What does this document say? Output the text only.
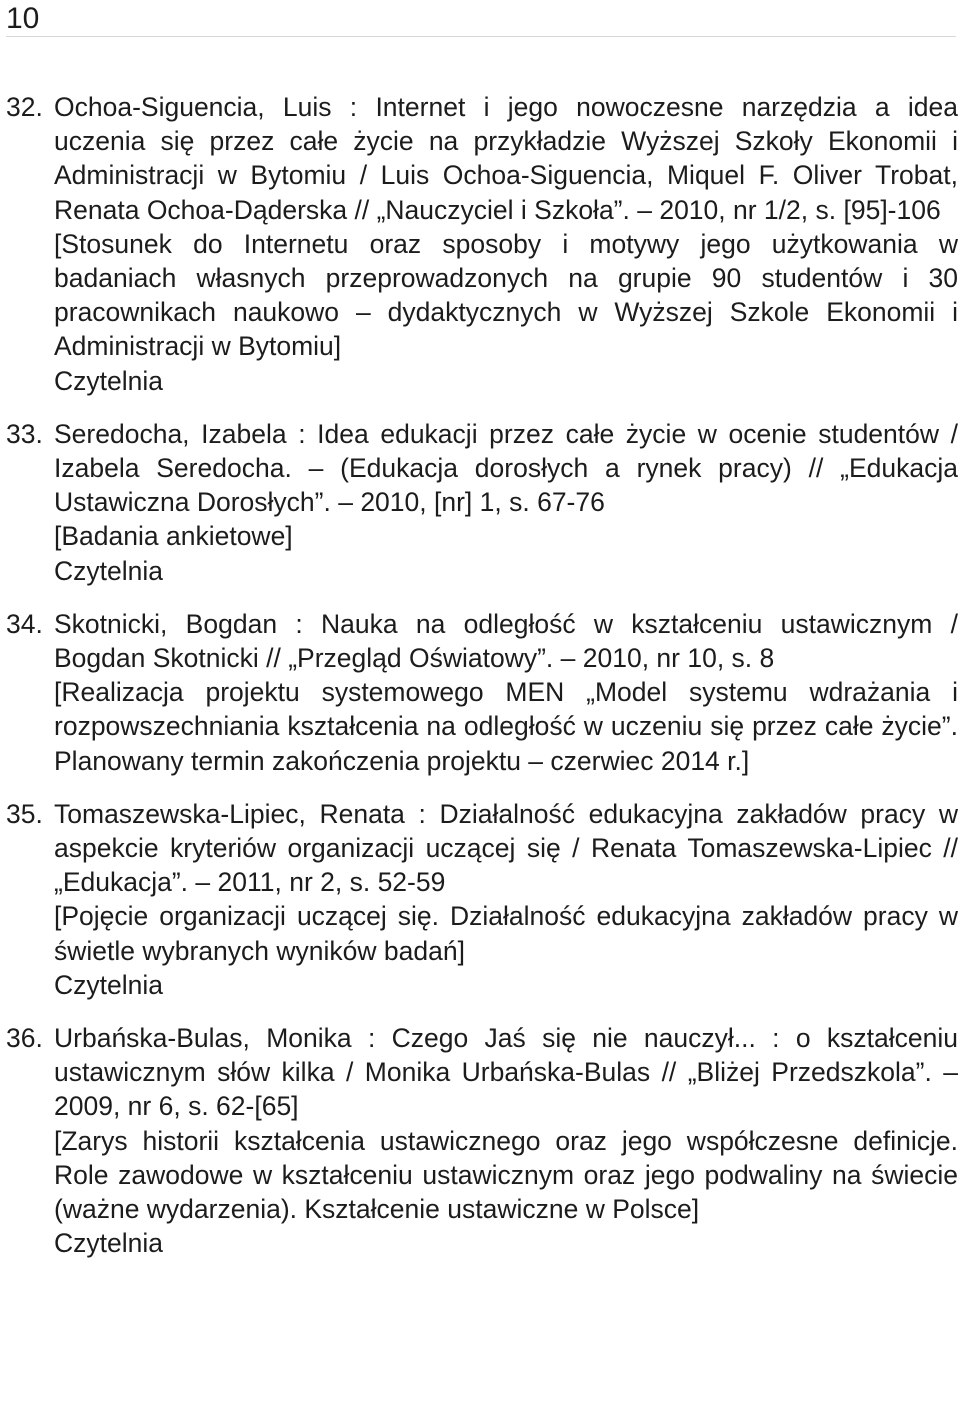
10
32. Ochoa-Siguencia, Luis : Internet i jego nowoczesne narzędzia a idea uczenia się przez całe życie na przykładzie Wyższej Szkoły Ekonomii i Administracji w Bytomiu / Luis Ochoa-Siguencia, Miquel F. Oliver Trobat, Renata Ochoa-Dąderska // „Nauczyciel i Szkoła”. – 2010, nr 1/2, s. [95]-106
[Stosunek do Internetu oraz sposoby i motywy jego użytkowania w badaniach własnych przeprowadzonych na grupie 90 studentów i 30 pracownikach naukowo – dydaktycznych w Wyższej Szkole Ekonomii i Administracji w Bytomiu]
Czytelnia
33. Seredocha, Izabela : Idea edukacji przez całe życie w ocenie studentów / Izabela Seredocha. – (Edukacja dorosłych a rynek pracy) // „Edukacja Ustawiczna Dorosłych”. – 2010, [nr] 1, s. 67-76
[Badania ankietowe]
Czytelnia
34. Skotnicki, Bogdan : Nauka na odległość w kształceniu ustawicznym / Bogdan Skotnicki // „Przegląd Oświatowy”. – 2010, nr 10, s. 8
[Realizacja projektu systemowego MEN „Model systemu wdrażania i rozpowszechniania kształcenia na odległość w uczeniu się przez całe życie”. Planowany termin zakończenia projektu – czerwiec 2014 r.]
35. Tomaszewska-Lipiec, Renata : Działalność edukacyjna zakładów pracy w aspekcie kryteriów organizacji uczącej się / Renata Tomaszewska-Lipiec // „Edukacja”. – 2011, nr 2, s. 52-59
[Pojęcie organizacji uczącej się. Działalność edukacyjna zakładów pracy w świetle wybranych wyników badań]
Czytelnia
36. Urbańska-Bulas, Monika : Czego Jaś się nie nauczył... : o kształceniu ustawicznym słów kilka / Monika Urbańska-Bulas // „Bliżej Przedszkola”. – 2009, nr 6, s. 62-[65]
[Zarys historii kształcenia ustawicznego oraz jego współczesne definicje. Role zawodowe w kształceniu ustawicznym oraz jego podwaliny na świecie (ważne wydarzenia). Kształcenie ustawiczne w Polsce]
Czytelnia
